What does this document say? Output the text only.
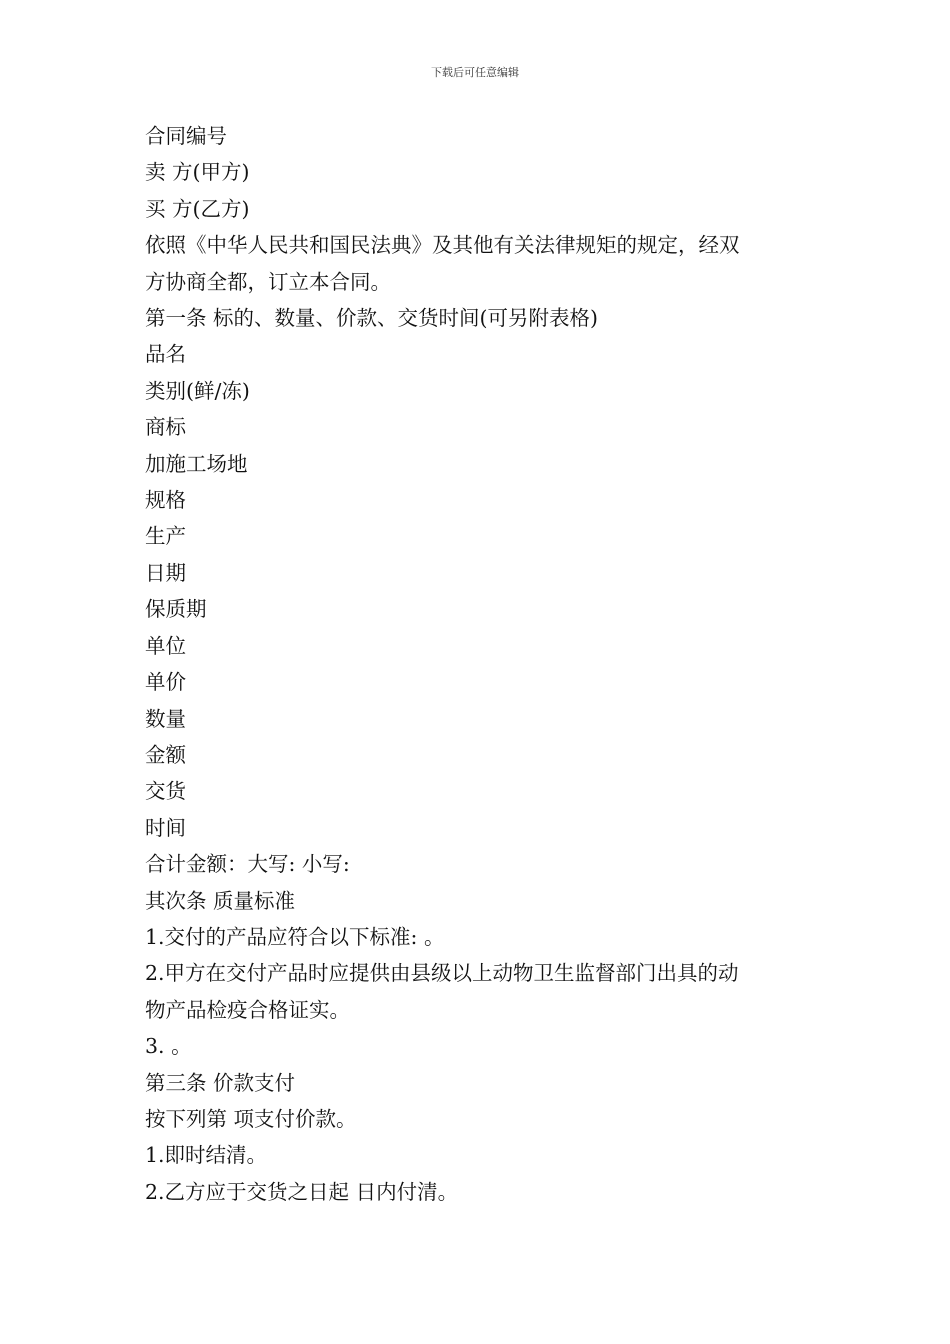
下载后可任意编辑
合同编号
卖 方(甲方)
买 方(乙方)
依照《中华人民共和国民法典》及其他有关法律规矩的规定，经双
方协商全都，订立本合同。
第一条 标的、数量、价款、交货时间(可另附表格)
品名
类别(鲜/冻)
商标
加施工场地
规格
生产
日期
保质期
单位
单价
数量
金额
交货
时间
合计金额：大写: 小写:
其次条 质量标准
1.交付的产品应符合以下标准: 。
2.甲方在交付产品时应提供由县级以上动物卫生监督部门出具的动
物产品检疫合格证实。
3. 。
第三条 价款支付
按下列第 项支付价款。
1.即时结清。
2.乙方应于交货之日起 日内付清。
